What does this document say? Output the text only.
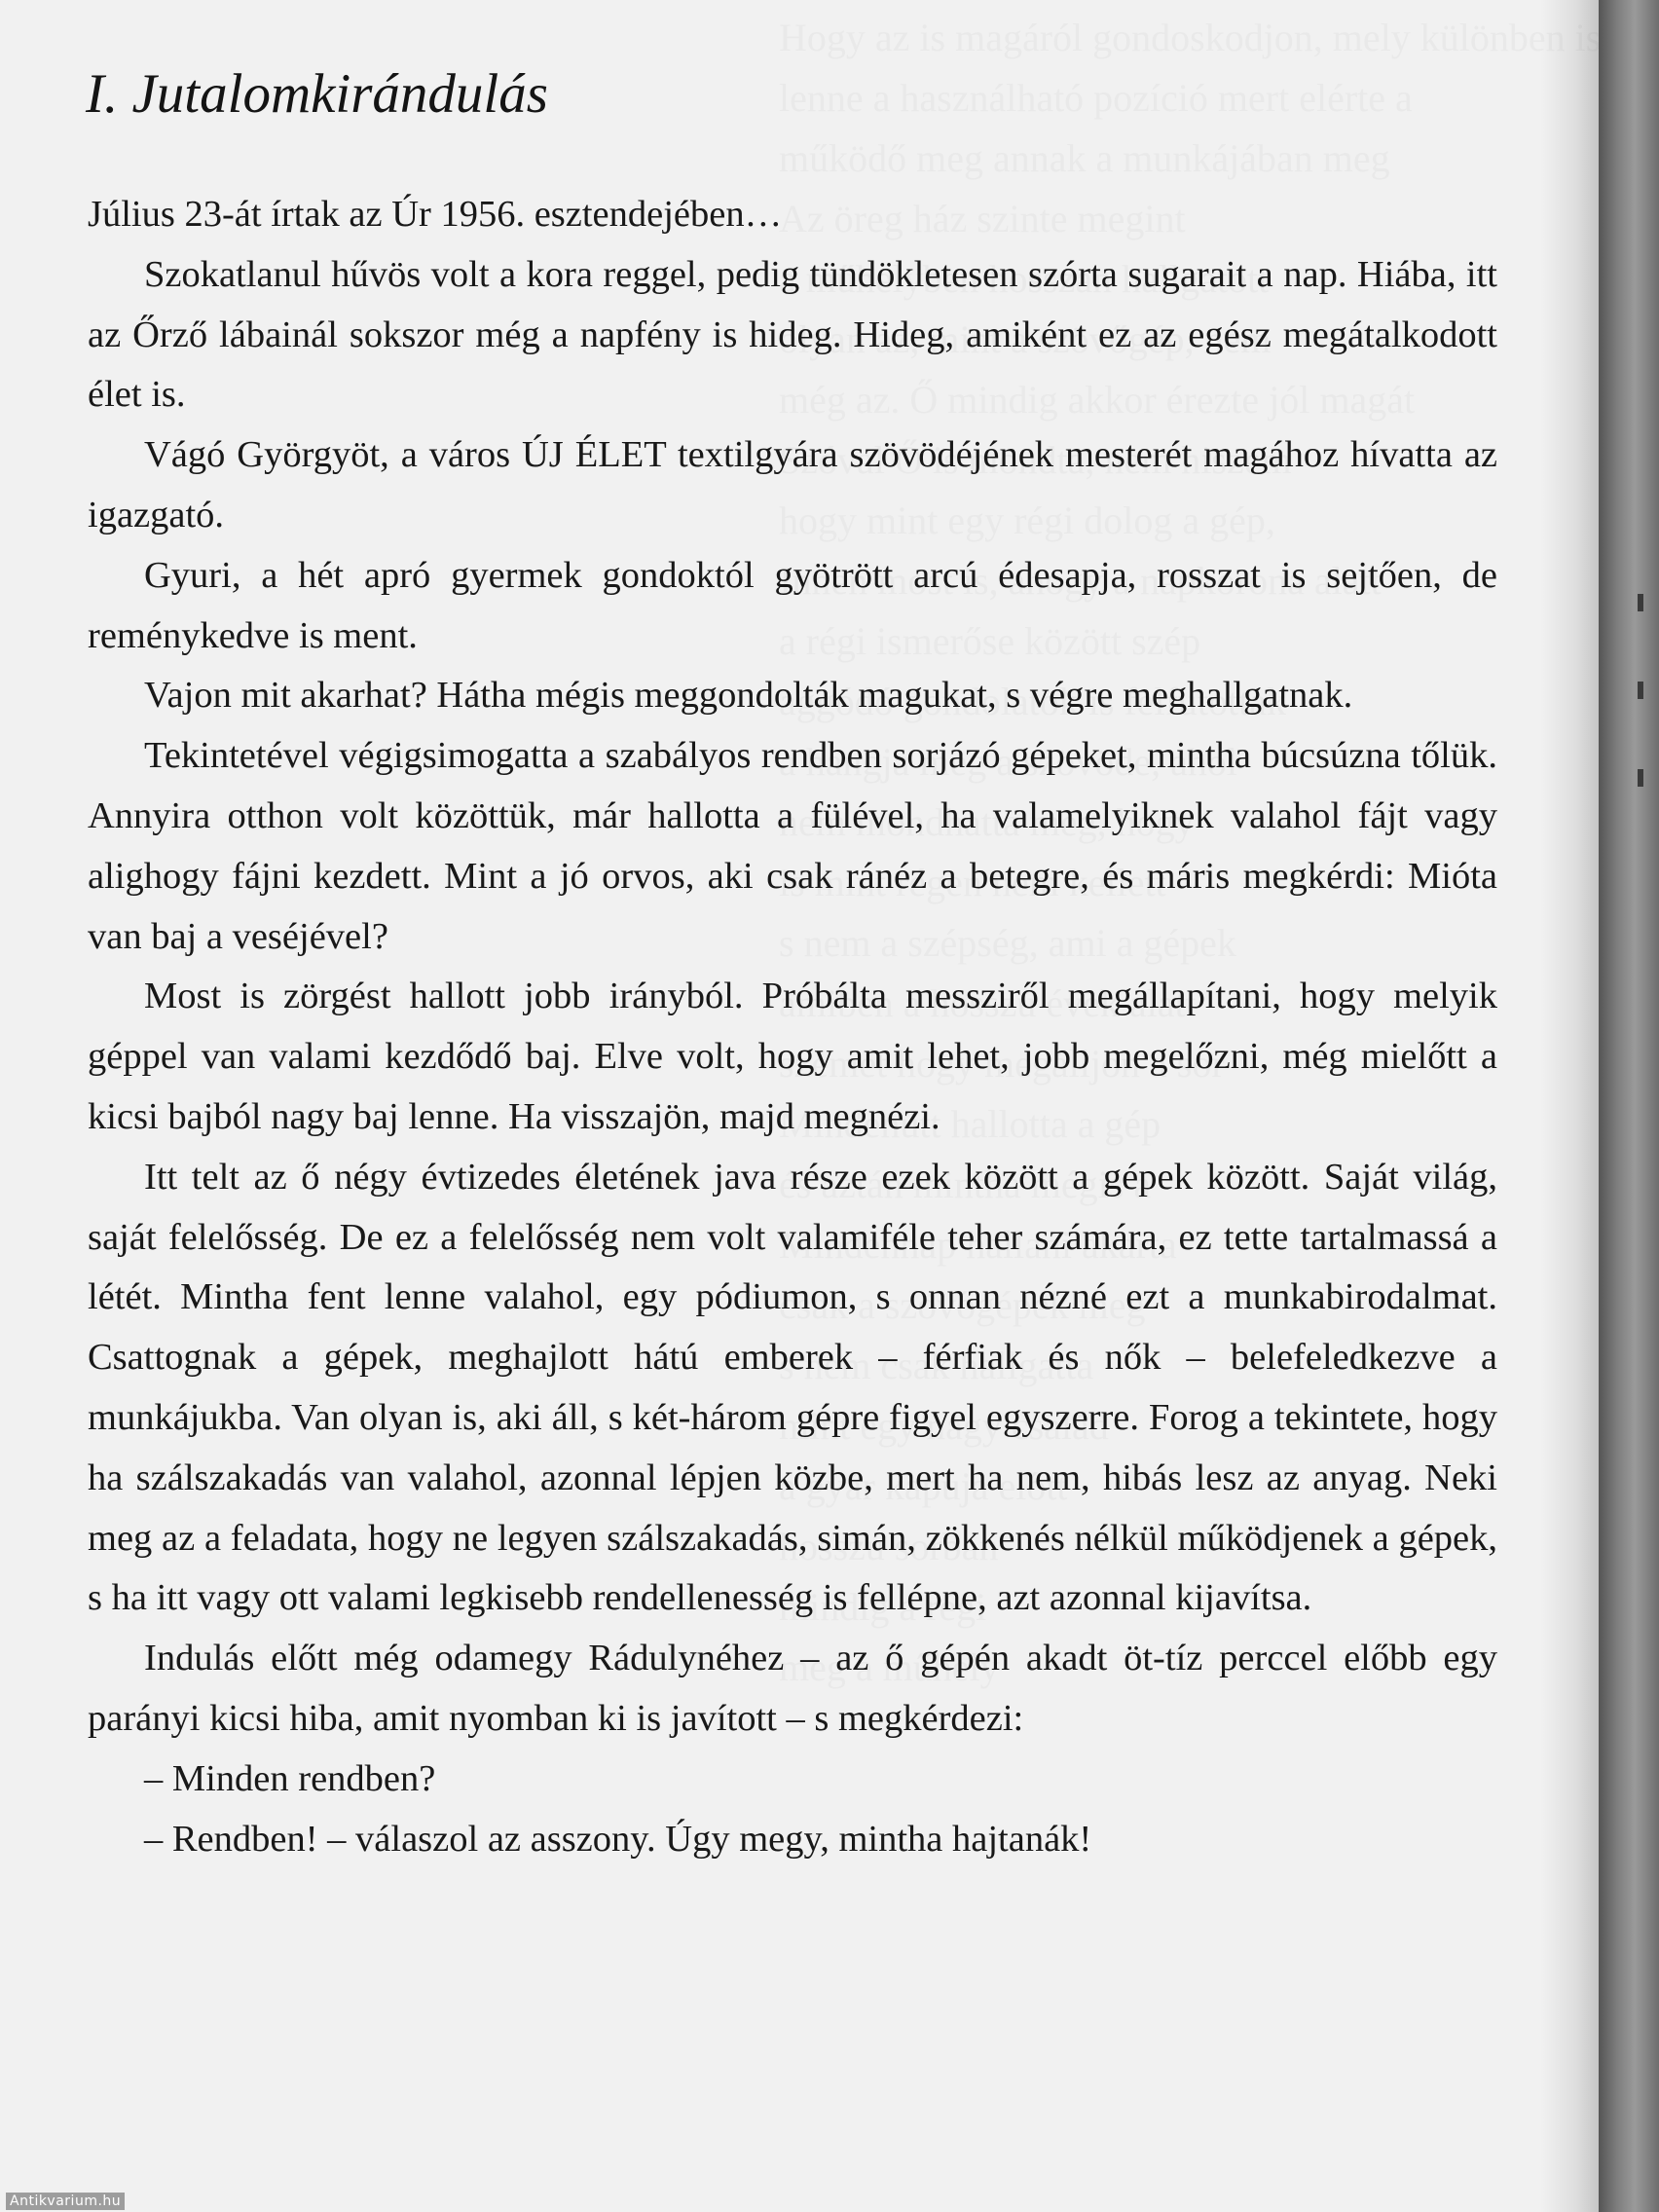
I. Jutalomkirándulás

Július 23-át írtak az Úr 1956. esztendejében…

Szokatlanul hűvös volt a kora reggel, pedig tündökletesen szórta sugarait a nap. Hiába, itt az Őrző lábainál sokszor még a napfény is hideg. Hideg, amiként ez az egész megátalkodott élet is.

Vágó Györgyöt, a város ÚJ ÉLET textilgyára szövödéjének mesterét magához hívatta az igazgató.

Gyuri, a hét apró gyermek gondoktól gyötrött arcú édesapja, rosszat is sejtően, de reménykedve is ment.

Vajon mit akarhat? Hátha mégis meggondolták magukat, s végre meghallgatnak.

Tekintetével végigsimogatta a szabályos rendben sorjázó gépeket, mintha búcsúzna tőlük. Annyira otthon volt közöttük, már hallotta a fülével, ha valamelyiknek valahol fájt vagy alighogy fájni kezdett. Mint a jó orvos, aki csak ránéz a betegre, és máris megkérdi: Mióta van baj a veséjével?

Most is zörgést hallott jobb irányból. Próbálta messziről megállapítani, hogy melyik géppel van valami kezdődő baj. Elve volt, hogy amit lehet, jobb megelőzni, még mielőtt a kicsi bajból nagy baj lenne. Ha visszajön, majd megnézi.

Itt telt az ő négy évtizedes életének java része ezek között a gépek között. Saját világ, saját felelősség. De ez a felelősség nem volt valamiféle teher számára, ez tette tartalmassá a létét. Mintha fent lenne valahol, egy pódiumon, s onnan nézné ezt a munkabirodalmat. Csattognak a gépek, meghajlott hátú emberek – férfiak és nők – belefeledkezve a munkájukba. Van olyan is, aki áll, s két-három gépre figyel egyszerre. Forog a tekintete, hogy ha szálszakadás van valahol, azonnal lépjen közbe, mert ha nem, hibás lesz az anyag. Neki meg az a feladata, hogy ne legyen szálszakadás, simán, zökkenés nélkül működjenek a gépek, s ha itt vagy ott valami legkisebb rendellenesség is fellépne, azt azonnal kijavítsa.

Indulás előtt még odamegy Rádulynéhez – az ő gépén akadt öt-tíz perccel előbb egy parányi kicsi hiba, amit nyomban ki is javított – s megkérdezi:

– Minden rendben?

– Rendben! – válaszol az asszony. Úgy megy, mintha hajtanák!

Antikvarium.hu
